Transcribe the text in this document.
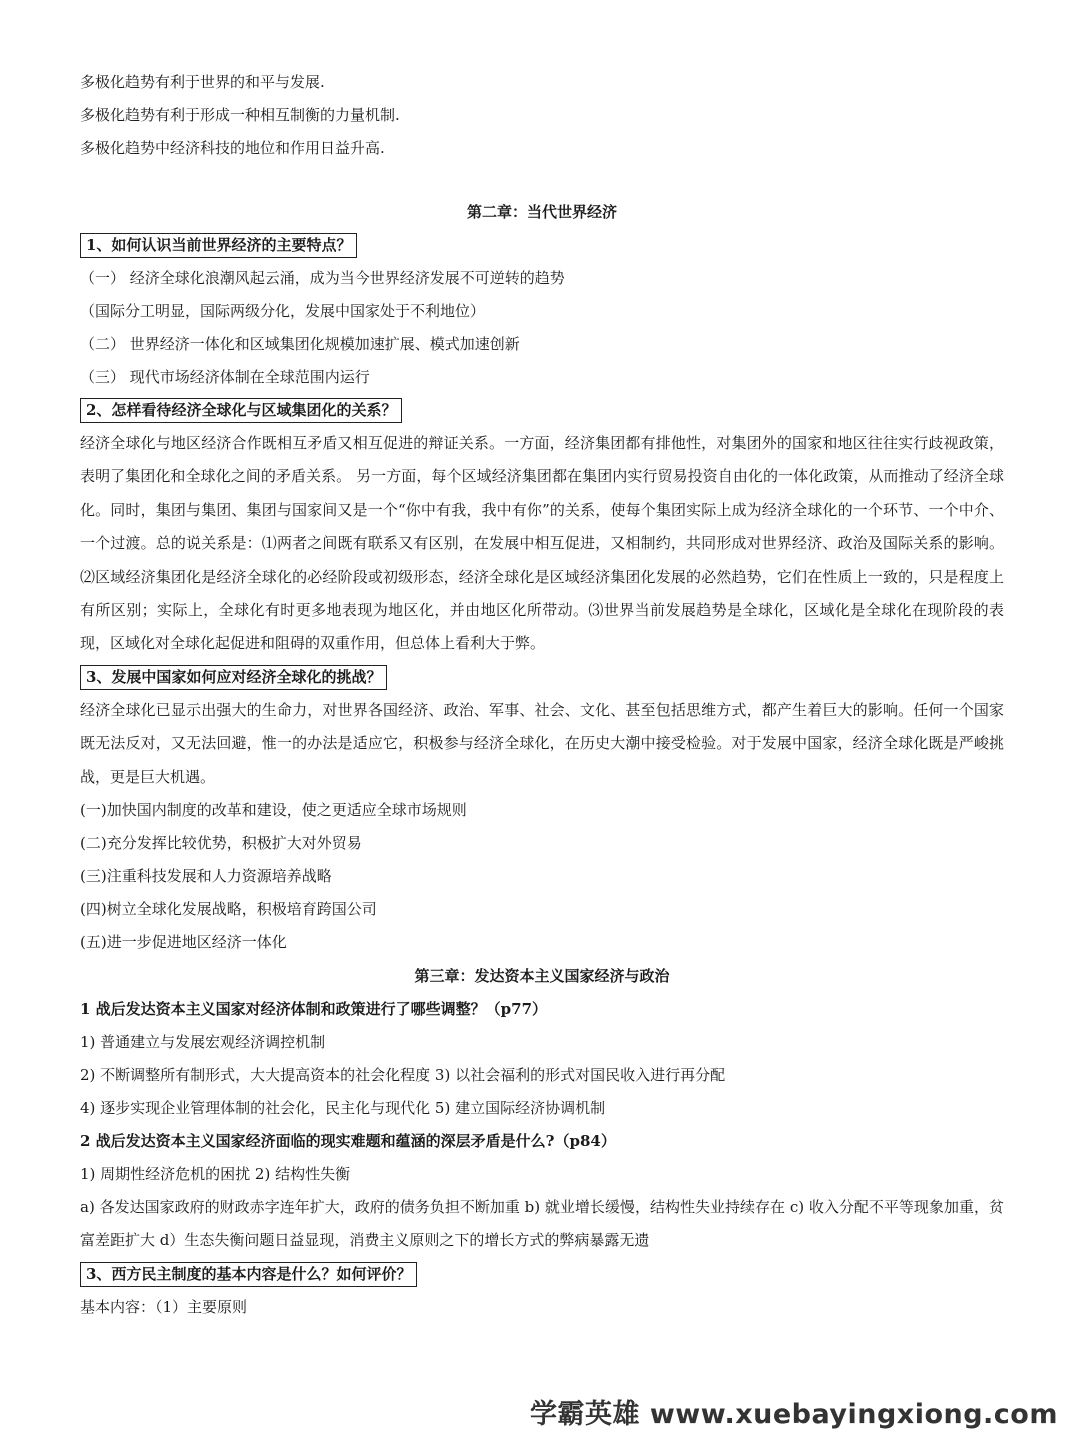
多极化趋势有利于世界的和平与发展.
多极化趋势有利于形成一种相互制衡的力量机制.
多极化趋势中经济科技的地位和作用日益升高.
第二章：当代世界经济
1、如何认识当前世界经济的主要特点？
（一） 经济全球化浪潮风起云涌，成为当今世界经济发展不可逆转的趋势
（国际分工明显，国际两级分化，发展中国家处于不利地位）
（二） 世界经济一体化和区域集团化规模加速扩展、模式加速创新
（三） 现代市场经济体制在全球范围内运行
2、怎样看待经济全球化与区域集团化的关系？
经济全球化与地区经济合作既相互矛盾又相互促进的辩证关系。一方面，经济集团都有排他性，对集团外的国家和地区往往实行歧视政策，表明了集团化和全球化之间的矛盾关系。 另一方面，每个区域经济集团都在集团内实行贸易投资自由化的一体化政策，从而推动了经济全球化。同时，集团与集团、集团与国家间又是一个“你中有我，我中有你”的关系，使每个集团实际上成为经济全球化的一个环节、一个中介、一个过渡。总的说关系是：⑴两者之间既有联系又有区别，在发展中相互促进，又相制约，共同形成对世界经济、政治及国际关系的影响。⑵区域经济集团化是经济全球化的必经阶段或初级形态，经济全球化是区域经济集团化发展的必然趋势，它们在性质上一致的，只是程度上有所区别；实际上，全球化有时更多地表现为地区化，并由地区化所带动。⑶世界当前发展趋势是全球化，区域化是全球化在现阶段的表现，区域化对全球化起促进和阻碍的双重作用，但总体上看利大于弊。
3、发展中国家如何应对经济全球化的挑战？
经济全球化已显示出强大的生命力，对世界各国经济、政治、军事、社会、文化、甚至包括思维方式，都产生着巨大的影响。任何一个国家既无法反对，又无法回避，惟一的办法是适应它，积极参与经济全球化，在历史大潮中接受检验。对于发展中国家，经济全球化既是严峻挑战，更是巨大机遇。
(一)加快国内制度的改革和建设，使之更适应全球市场规则
(二)充分发挥比较优势，积极扩大对外贸易
(三)注重科技发展和人力资源培养战略
(四)树立全球化发展战略，积极培育跨国公司
(五)进一步促进地区经济一体化
第三章：发达资本主义国家经济与政治
1 战后发达资本主义国家对经济体制和政策进行了哪些调整？（p77）
1) 普通建立与发展宏观经济调控机制
2) 不断调整所有制形式，大大提高资本的社会化程度 3) 以社会福利的形式对国民收入进行再分配
4) 逐步实现企业管理体制的社会化，民主化与现代化 5) 建立国际经济协调机制
2 战后发达资本主义国家经济面临的现实难题和蕴涵的深层矛盾是什么?（p84）
1) 周期性经济危机的困扰 2) 结构性失衡
a) 各发达国家政府的财政赤字连年扩大，政府的债务负担不断加重 b) 就业增长缓慢，结构性失业持续存在 c) 收入分配不平等现象加重，贫富差距扩大 d）生态失衡问题日益显现，消费主义原则之下的增长方式的弊病暴露无遗
3、西方民主制度的基本内容是什么？如何评价？
基本内容：（1）主要原则
学霸英雄 www.xuebayingxiong.com
